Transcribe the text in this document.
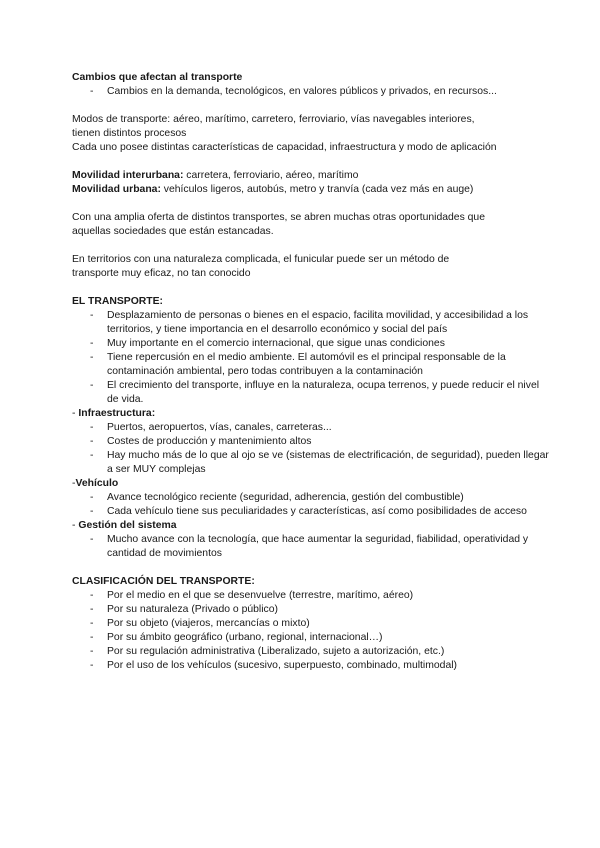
Cambios que afectan al transporte
- Cambios en la demanda, tecnológicos, en valores públicos y privados, en recursos...
Modos de transporte: aéreo, marítimo, carretero, ferroviario, vías navegables interiores,
tienen distintos procesos
Cada uno posee distintas características de capacidad, infraestructura y modo de aplicación
Movilidad interurbana: carretera, ferroviario, aéreo, marítimo
Movilidad urbana: vehículos ligeros, autobús, metro y tranvía (cada vez más en auge)
Con una amplia oferta de distintos transportes, se abren muchas otras oportunidades que
aquellas sociedades que están estancadas.
En territorios con una naturaleza complicada, el funicular puede ser un método de
transporte muy eficaz, no tan conocido
EL TRANSPORTE:
- Desplazamiento de personas o bienes en el espacio, facilita movilidad, y accesibilidad a los territorios, y tiene importancia en el desarrollo económico y social del país
- Muy importante en el comercio internacional, que sigue unas condiciones
- Tiene repercusión en el medio ambiente. El automóvil es el principal responsable de la contaminación ambiental, pero todas contribuyen a la contaminación
- El crecimiento del transporte, influye en la naturaleza, ocupa terrenos, y puede reducir el nivel de vida.
- Infraestructura:
- Puertos, aeropuertos, vías, canales, carreteras...
- Costes de producción y mantenimiento altos
- Hay mucho más de lo que al ojo se ve (sistemas de electrificación, de seguridad), pueden llegar a ser MUY complejas
-Vehículo
- Avance tecnológico reciente (seguridad, adherencia, gestión del combustible)
- Cada vehículo tiene sus peculiaridades y características, así como posibilidades de acceso
- Gestión del sistema
- Mucho avance con la tecnología, que hace aumentar la seguridad, fiabilidad, operatividad y cantidad de movimientos
CLASIFICACIÓN DEL TRANSPORTE:
- Por el medio en el que se desenvuelve (terrestre, marítimo, aéreo)
- Por su naturaleza (Privado o público)
- Por su objeto (viajeros, mercancías o mixto)
- Por su ámbito geográfico (urbano, regional, internacional…)
- Por su regulación administrativa (Liberalizado, sujeto a autorización, etc.)
- Por el uso de los vehículos (sucesivo, superpuesto, combinado, multimodal)
